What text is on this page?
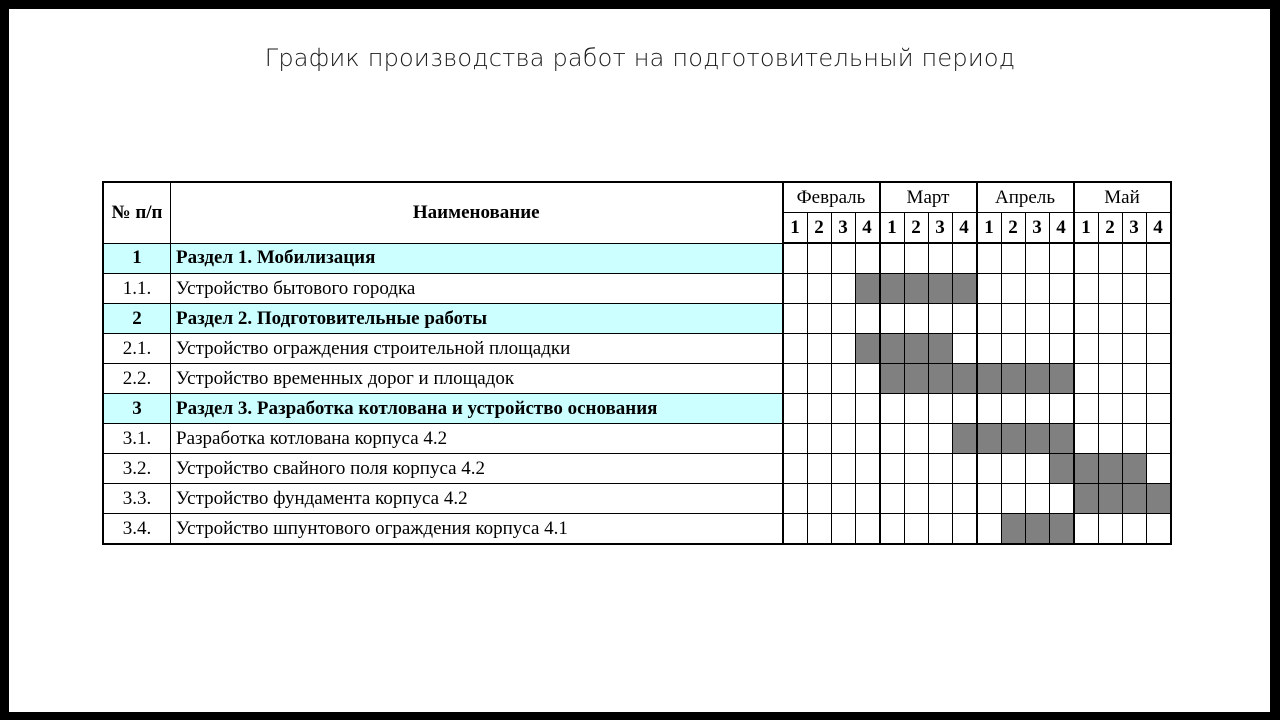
График производства работ на подготовительный период
№ п/п	Наименование	Февраль				Март				Апрель				Май			
		1	2	3	4	1	2	3	4	1	2	3	4	1	2	3	4
1	Раздел 1. Мобилизация																
1.1.	Устройство бытового городка																
2	Раздел 2. Подготовительные работы																
2.1.	Устройство ограждения строительной площадки																
2.2.	Устройство временных дорог и площадок																
3	Раздел 3. Разработка котлована и устройство основания																
3.1.	Разработка котлована корпуса 4.2																
3.2.	Устройство свайного поля корпуса 4.2																
3.3.	Устройство фундамента корпуса 4.2																
3.4.	Устройство шпунтового ограждения корпуса 4.1																
